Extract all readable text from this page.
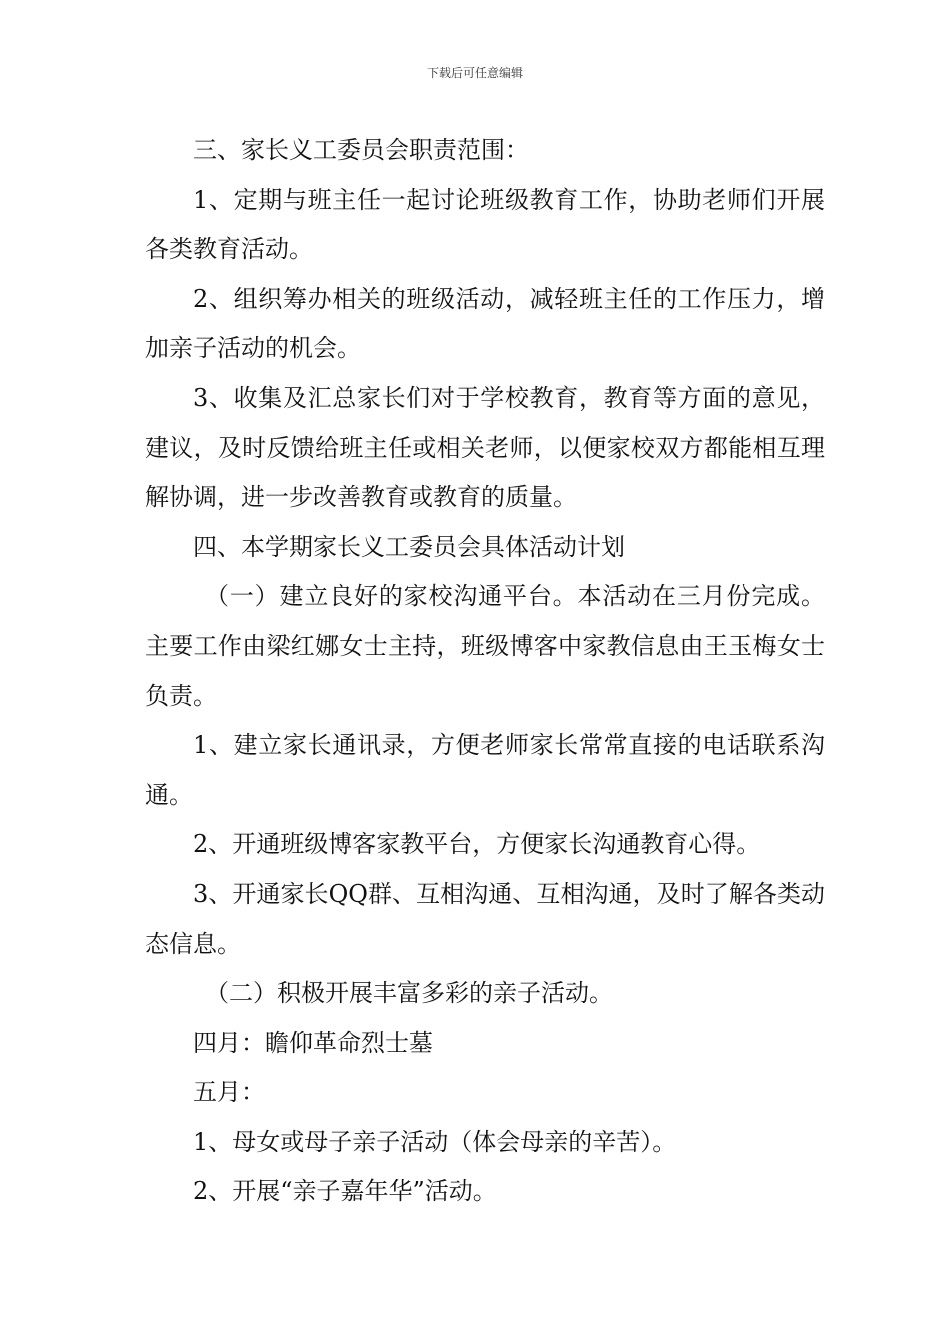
下载后可任意编辑

三、家长义工委员会职责范围：

1、定期与班主任一起讨论班级教育工作，协助老师们开展各类教育活动。

2、组织筹办相关的班级活动，减轻班主任的工作压力，增加亲子活动的机会。

3、收集及汇总家长们对于学校教育，教育等方面的意见，建议，及时反馈给班主任或相关老师，以便家校双方都能相互理解协调，进一步改善教育或教育的质量。

四、本学期家长义工委员会具体活动计划

（一）建立良好的家校沟通平台。本活动在三月份完成。主要工作由梁红娜女士主持，班级博客中家教信息由王玉梅女士负责。

1、建立家长通讯录，方便老师家长常常直接的电话联系沟通。

2、开通班级博客家教平台，方便家长沟通教育心得。

3、开通家长QQ群、互相沟通、互相沟通，及时了解各类动态信息。

（二）积极开展丰富多彩的亲子活动。

四月：瞻仰革命烈士墓

五月：

1、母女或母子亲子活动（体会母亲的辛苦）。

2、开展“亲子嘉年华”活动。
